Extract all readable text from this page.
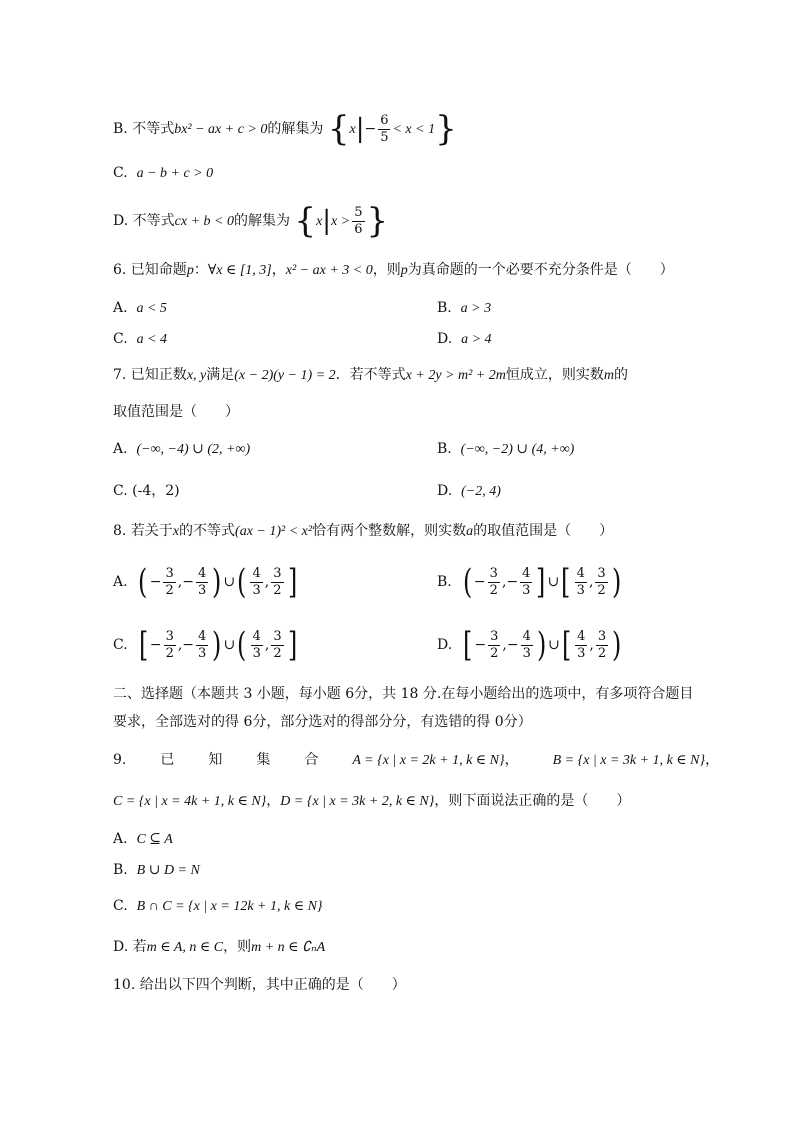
B. 不等式bx² − ax + c > 0的解集为 $\{x|- \frac{6}{5} < x < 1\}$
C. a − b + c > 0
D. 不等式cx + b < 0的解集为 {$x|x > \frac{5}{6}$ }
6. 已知命题p：∀x ∈ [1, 3]，x² − ax + 3 < 0，则p为真命题的一个必要不充分条件是（　　）
A. a < 5	B. a > 3
C. a < 4	D. a > 4
7. 已知正数x, y满足(x − 2)(y − 1) = 2．若不等式x + 2y > m² + 2m恒成立，则实数m的
取值范围是（　　）
A. (−∞, −4) ∪ (2, +∞)	B. (−∞, −2) ∪ (4, +∞)
C. (-4，2)	D. (−2, 4)
8. 若关于x的不等式(ax − 1)² < x²恰有两个整数解，则实数a的取值范围是（　　）
A. ( − $\frac{3}{2}$ ,− $\frac{4}{3}$ ) ∪( $\frac{4}{3}$ , $\frac{3}{2}$ ]	B. ( − $\frac{3}{2}$ ,− $\frac{4}{3}$ ] ∪[ $\frac{4}{3}$ , $\frac{3}{2}$ )
C. [ − $\frac{3}{2}$ ,− $\frac{4}{3}$ ) ∪( $\frac{4}{3}$ , $\frac{3}{2}$ ]	D. [ − $\frac{3}{2}$ ,− $\frac{4}{3}$ ) ∪[ $\frac{4}{3}$ , $\frac{3}{2}$ )
二、选择题（本题共 3 小题，每小题 6分，共 18 分.在每小题给出的选项中，有多项符合题目
要求，全部选对的得 6分，部分选对的得部分分，有选错的得 0分）
9. 已 知 集 合 A = {x | x = 2k + 1, k ∈ N}， B = {x | x = 3k + 1, k ∈ N}，
C = {x | x = 4k + 1, k ∈ N}，D = {x | x = 3k + 2, k ∈ N}，则下面说法正确的是（　　）
A. C ⊆ A
B. B ∪ D = N
C. B ∩ C = {x | x = 12k + 1, k ∈ N}
D. 若m ∈ A, n ∈ C，则m + n ∈ ∁ₙA
10. 给出以下四个判断，其中正确的是（　　）
